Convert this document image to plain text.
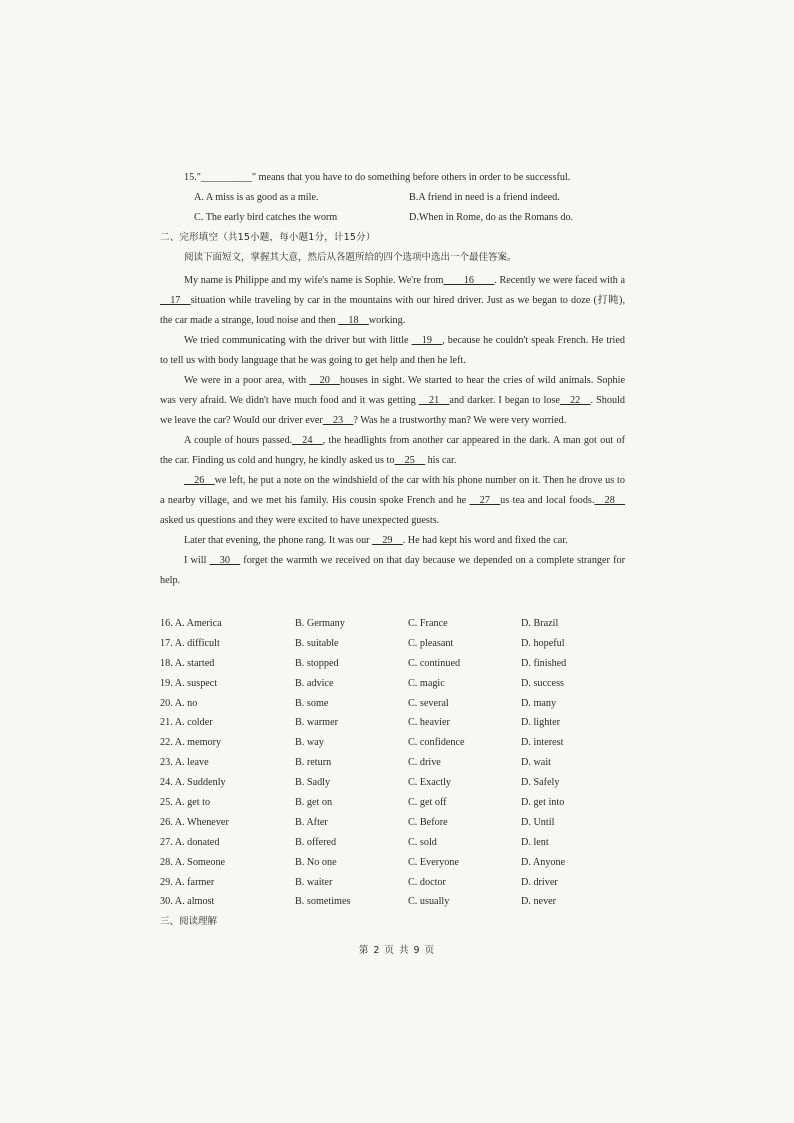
15."__________" means that you have to do something before others in order to be successful.
A. A miss is as good as a mile.	B.A friend in need is a friend indeed.
C. The early bird catches the worm	D.When in Rome, do as the Romans do.
二、完形填空（共15小题，每小题1分，计15分）
阅读下面短文，掌握其大意，然后从各题所给的四个选项中选出一个最佳答案。

My name is Philippe and my wife's name is Sophie. We're from____16____. Recently we were faced with a __17__situation while traveling by car in the mountains with our hired driver. Just as we began to doze (打盹), the car made a strange, loud noise and then __18__working.

We tried communicating with the driver but with little __19__, because he couldn't speak French. He tried to tell us with body language that he was going to get help and then he left.

We were in a poor area, with __20__houses in sight. We started to hear the cries of wild animals. Sophie was very afraid. We didn't have much food and it was getting __21__and darker. I began to lose__22__. Should we leave the car? Would our driver ever__23__? Was he a trustworthy man? We were very worried.

A couple of hours passed.__24__, the headlights from another car appeared in the dark. A man got out of the car. Finding us cold and hungry, he kindly asked us to__25__ his car.

__26__we left, he put a note on the windshield of the car with his phone number on it. Then he drove us to a nearby village, and we met his family. His cousin spoke French and he __27__us tea and local foods.__28__ asked us questions and they were excited to have unexpected guests.

Later that evening, the phone rang. It was our __29__. He had kept his word and fixed the car.

I will __30__ forget the warmth we received on that day because we depended on a complete stranger for help.

16. A. America	B. Germany	C. France	D. Brazil
17. A. difficult	B. suitable	C. pleasant	D. hopeful
18. A. started	B. stopped	C. continued	D. finished
19. A. suspect	B. advice	C. magic	D. success
20. A. no	B. some	C. several	D. many
21. A. colder	B. warmer	C. heavier	D. lighter
22. A. memory	B. way	C. confidence	D. interest
23. A. leave	B. return	C. drive	D. wait
24. A. Suddenly	B. Sadly	C. Exactly	D. Safely
25. A. get to	B. get on	C. get off	D. get into
26. A. Whenever	B. After	C. Before	D. Until
27. A. donated	B. offered	C. sold	D. lent
28. A. Someone	B. No one	C. Everyone	D. Anyone
29. A. farmer	B. waiter	C. doctor	D. driver
30. A. almost	B. sometimes	C. usually	D. never
三、阅读理解
第 2 页 共 9 页
